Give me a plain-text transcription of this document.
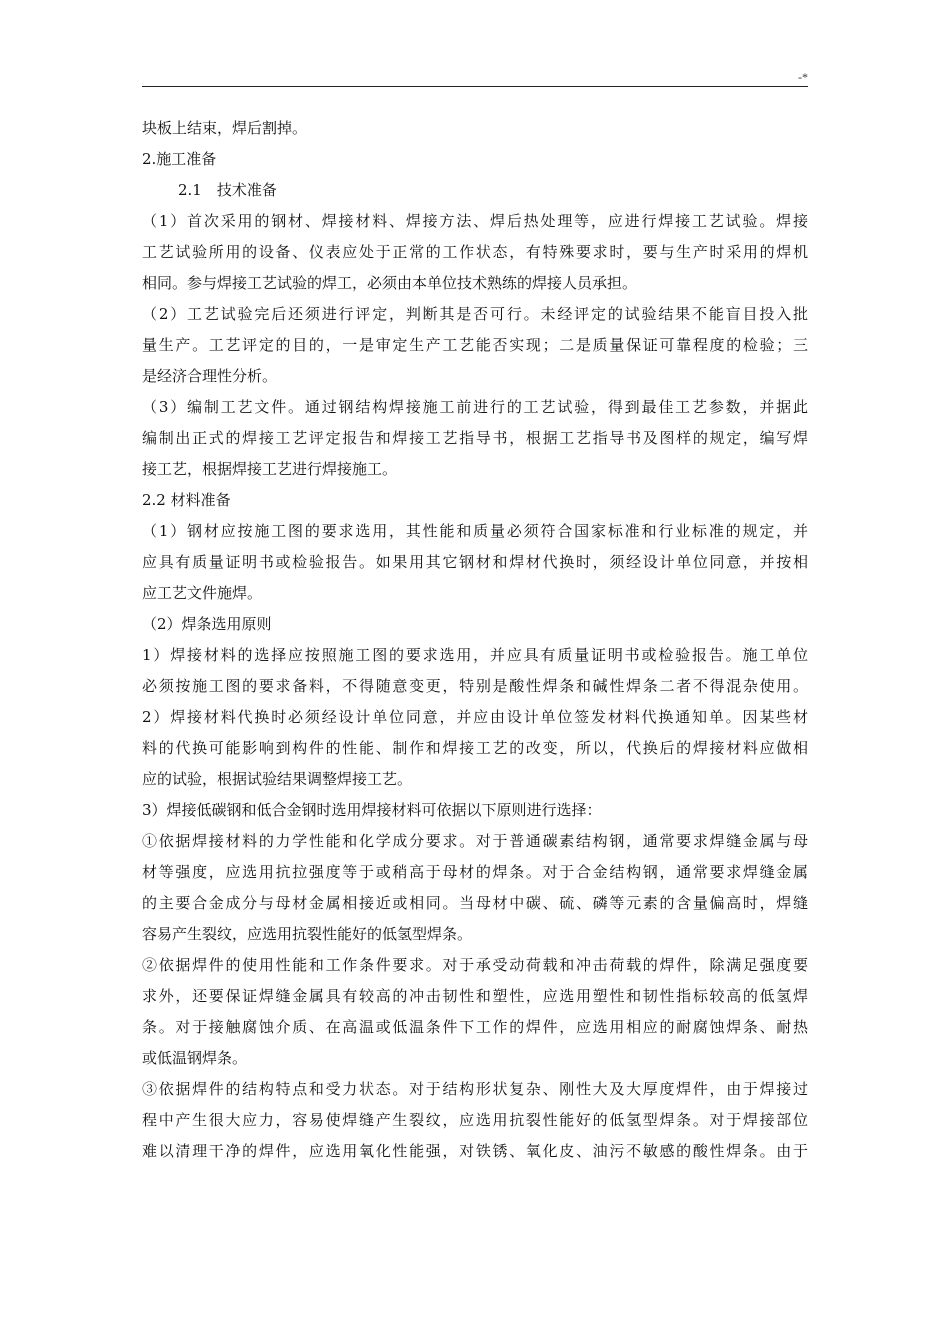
-*
块板上结束，焊后割掉。
2.施工准备
2.1　技术准备
（1）首次采用的钢材、焊接材料、焊接方法、焊后热处理等，应进行焊接工艺试验。焊接
工艺试验所用的设备、仪表应处于正常的工作状态，有特殊要求时，要与生产时采用的焊机
相同。参与焊接工艺试验的焊工，必须由本单位技术熟练的焊接人员承担。
（2）工艺试验完后还须进行评定，判断其是否可行。未经评定的试验结果不能盲目投入批
量生产。工艺评定的目的，一是审定生产工艺能否实现；二是质量保证可靠程度的检验；三
是经济合理性分析。
（3）编制工艺文件。通过钢结构焊接施工前进行的工艺试验，得到最佳工艺参数，并据此
编制出正式的焊接工艺评定报告和焊接工艺指导书，根据工艺指导书及图样的规定，编写焊
接工艺，根据焊接工艺进行焊接施工。
2.2 材料准备
（1）钢材应按施工图的要求选用，其性能和质量必须符合国家标准和行业标准的规定，并
应具有质量证明书或检验报告。如果用其它钢材和焊材代换时，须经设计单位同意，并按相
应工艺文件施焊。
（2）焊条选用原则
1）焊接材料的选择应按照施工图的要求选用，并应具有质量证明书或检验报告。施工单位
必须按施工图的要求备料，不得随意变更，特别是酸性焊条和碱性焊条二者不得混杂使用。
2）焊接材料代换时必须经设计单位同意，并应由设计单位签发材料代换通知单。因某些材
料的代换可能影响到构件的性能、制作和焊接工艺的改变，所以，代换后的焊接材料应做相
应的试验，根据试验结果调整焊接工艺。
3）焊接低碳钢和低合金钢时选用焊接材料可依据以下原则进行选择：
①依据焊接材料的力学性能和化学成分要求。对于普通碳素结构钢，通常要求焊缝金属与母
材等强度，应选用抗拉强度等于或稍高于母材的焊条。对于合金结构钢，通常要求焊缝金属
的主要合金成分与母材金属相接近或相同。当母材中碳、硫、磷等元素的含量偏高时，焊缝
容易产生裂纹，应选用抗裂性能好的低氢型焊条。
②依据焊件的使用性能和工作条件要求。对于承受动荷载和冲击荷载的焊件，除满足强度要
求外，还要保证焊缝金属具有较高的冲击韧性和塑性，应选用塑性和韧性指标较高的低氢焊
条。对于接触腐蚀介质、在高温或低温条件下工作的焊件，应选用相应的耐腐蚀焊条、耐热
或低温钢焊条。
③依据焊件的结构特点和受力状态。对于结构形状复杂、刚性大及大厚度焊件，由于焊接过
程中产生很大应力，容易使焊缝产生裂纹，应选用抗裂性能好的低氢型焊条。对于焊接部位
难以清理干净的焊件，应选用氧化性能强，对铁锈、氧化皮、油污不敏感的酸性焊条。由于
